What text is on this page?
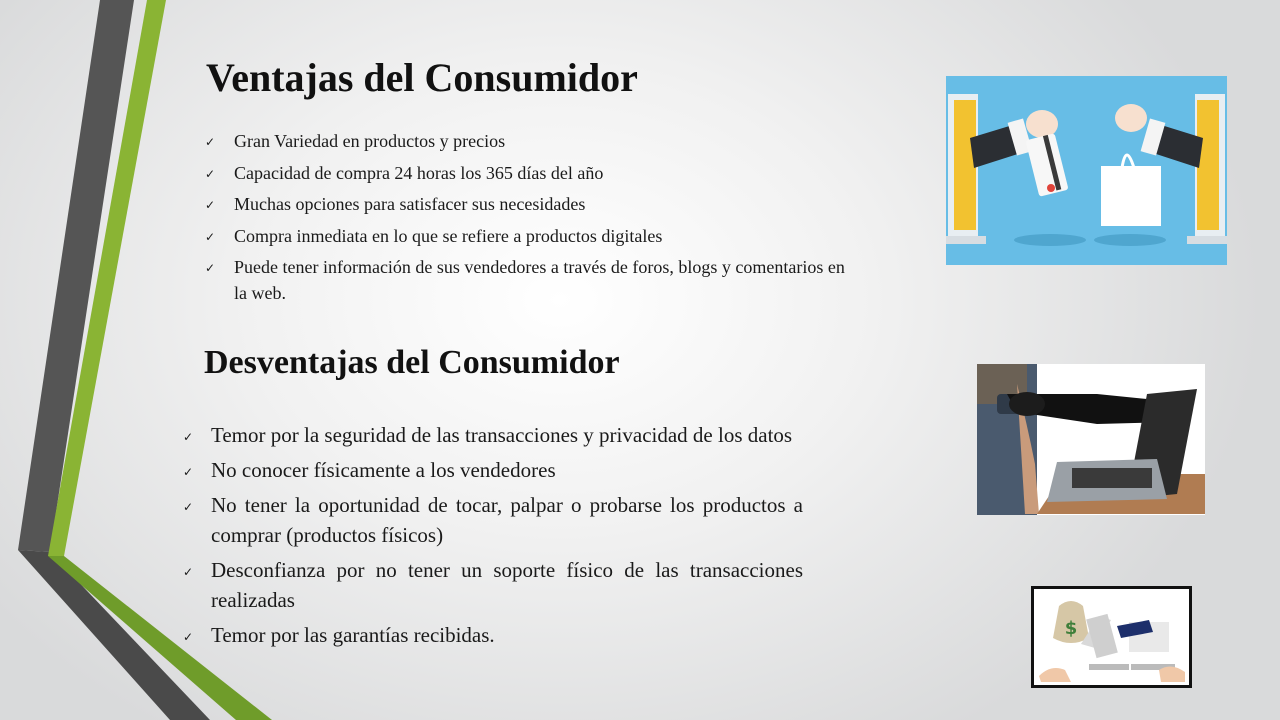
Ventajas del Consumidor
✓ Gran Variedad en productos y precios
✓ Capacidad de compra 24 horas los 365 días del año
✓ Muchas opciones para satisfacer sus necesidades
✓ Compra inmediata en lo que se refiere a productos digitales
✓ Puede tener información de sus vendedores a través de foros, blogs y comentarios en la web.
Desventajas del Consumidor
✓ Temor por la seguridad de las transacciones y privacidad de los datos
✓ No conocer físicamente a los vendedores
✓ No tener la oportunidad de tocar, palpar o probarse los productos a comprar (productos físicos)
✓ Desconfianza por no tener un soporte físico de las transacciones realizadas
✓ Temor por las garantías recibidas.	$
